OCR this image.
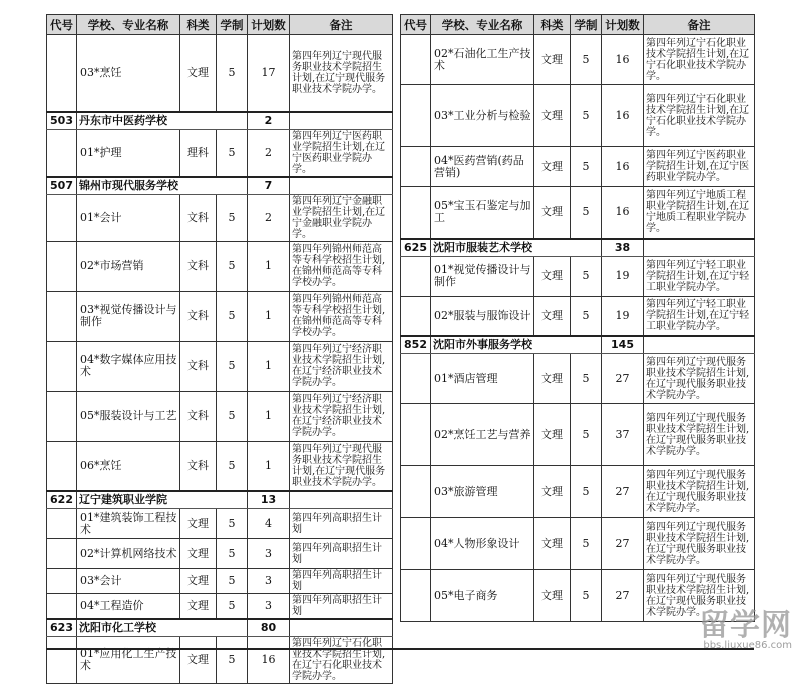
代号	学校、专业名称	科类	学制	计划数	备注
	03*烹饪	文理	5	17	第四年列辽宁现代服务职业技术学院招生计划,在辽宁现代服务职业技术学院办学。
503	丹东市中医药学校			2	
	01*护理	理科	5	2	第四年列辽宁医药职业学院招生计划,在辽宁医药职业学院办学。
507	锦州市现代服务学校			7	
	01*会计	文科	5	2	第四年列辽宁金融职业学院招生计划,在辽宁金融职业学院办学。
	02*市场营销	文科	5	1	第四年列锦州师范高等专科学校招生计划,在锦州师范高等专科学校办学。
	03*视觉传播设计与制作	文科	5	1	第四年列锦州师范高等专科学校招生计划,在锦州师范高等专科学校办学。
	04*数字媒体应用技术	文科	5	1	第四年列辽宁经济职业技术学院招生计划,在辽宁经济职业技术学院办学。
	05*服装设计与工艺	文科	5	1	第四年列辽宁经济职业技术学院招生计划,在辽宁经济职业技术学院办学。
	06*烹饪	文科	5	1	第四年列辽宁现代服务职业技术学院招生计划,在辽宁现代服务职业技术学院办学。
622	辽宁建筑职业学院			13	
	01*建筑装饰工程技术	文理	5	4	第四年列高职招生计划
	02*计算机网络技术	文理	5	3	第四年列高职招生计划
	03*会计	文理	5	3	第四年列高职招生计划
	04*工程造价	文理	5	3	第四年列高职招生计划
623	沈阳市化工学校			80	
	01*应用化工生产技术	文理	5	16	第四年列辽宁石化职业技术学院招生计划,在辽宁石化职业技术学院办学。
代号	学校、专业名称	科类	学制	计划数	备注
	02*石油化工生产技术	文理	5	16	第四年列辽宁石化职业技术学院招生计划,在辽宁石化职业技术学院办学。
	03*工业分析与检验	文理	5	16	第四年列辽宁石化职业技术学院招生计划,在辽宁石化职业技术学院办学。
	04*医药营销(药品营销)	文理	5	16	第四年列辽宁医药职业学院招生计划,在辽宁医药职业学院办学。
	05*宝玉石鉴定与加工	文理	5	16	第四年列辽宁地质工程职业学院招生计划,在辽宁地质工程职业学院办学。
625	沈阳市服装艺术学校			38	
	01*视觉传播设计与制作	文理	5	19	第四年列辽宁轻工职业学院招生计划,在辽宁轻工职业学院办学。
	02*服装与服饰设计	文理	5	19	第四年列辽宁轻工职业学院招生计划,在辽宁轻工职业学院办学。
852	沈阳市外事服务学校			145	
	01*酒店管理	文理	5	27	第四年列辽宁现代服务职业技术学院招生计划,在辽宁现代服务职业技术学院办学。
	02*烹饪工艺与营养	文理	5	37	第四年列辽宁现代服务职业技术学院招生计划,在辽宁现代服务职业技术学院办学。
	03*旅游管理	文理	5	27	第四年列辽宁现代服务职业技术学院招生计划,在辽宁现代服务职业技术学院办学。
	04*人物形象设计	文理	5	27	第四年列辽宁现代服务职业技术学院招生计划,在辽宁现代服务职业技术学院办学。
	05*电子商务	文理	5	27	第四年列辽宁现代服务职业技术学院招生计划,在辽宁现代服务职业技术学院办学。
留学网
bbs.liuxue86.com
